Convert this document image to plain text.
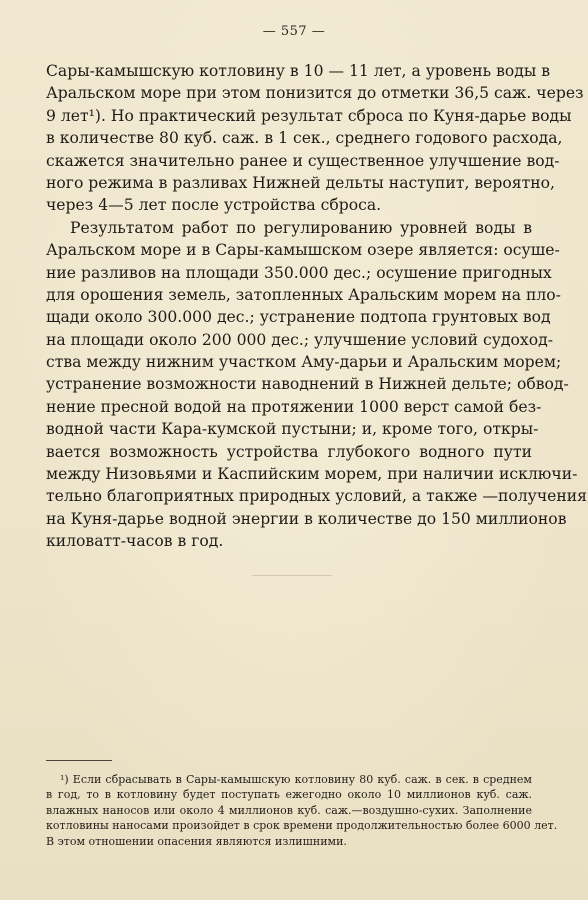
— 557 —
Сары-камышскую котловину в 10 — 11 лет, а уровень воды в
Аральском море при этом понизится до отметки 36,5 саж. через
9 лет¹). Но практический результат сброса по Куня-дарье воды
в количестве 80 куб. саж. в 1 сек., среднего годового расхода,
скажется значительно ранее и существенное улучшение вод-
ного режима в разливах Нижней дельты наступит, вероятно,
через 4—5 лет после устройства сброса.
Результатом работ по регулированию уровней воды в
Аральском море и в Сары-камышском озере является: осуше-
ние разливов на площади 350.000 дес.; осушение пригодных
для орошения земель, затопленных Аральским морем на пло-
щади около 300.000 дес.; устранение подтопа грунтовых вод
на площади около 200 000 дес.; улучшение условий судоход-
ства между нижним участком Аму-дарьи и Аральским морем;
устранение возможности наводнений в Нижней дельте; обвод-
нение пресной водой на протяжении 1000 верст самой без-
водной части Кара-кумской пустыни; и, кроме того, откры-
вается возможность устройства глубокого водного пути
между Низовьями и Каспийским морем, при наличии исключи-
тельно благоприятных природных условий, а также —получения
на Куня-дарье водной энергии в количестве до 150 миллионов
киловатт-часов в год.
¹) Если сбрасывать в Сары-камышскую котловину 80 куб. саж. в сек. в среднем
в год, то в котловину будет поступать ежегодно около 10 миллионов куб. саж.
влажных наносов или около 4 миллионов куб. саж.—воздушно-сухих. Заполнение
котловины наносами произойдет в срок времени продолжительностью более 6000 лет.
В этом отношении опасения являются излишними.
